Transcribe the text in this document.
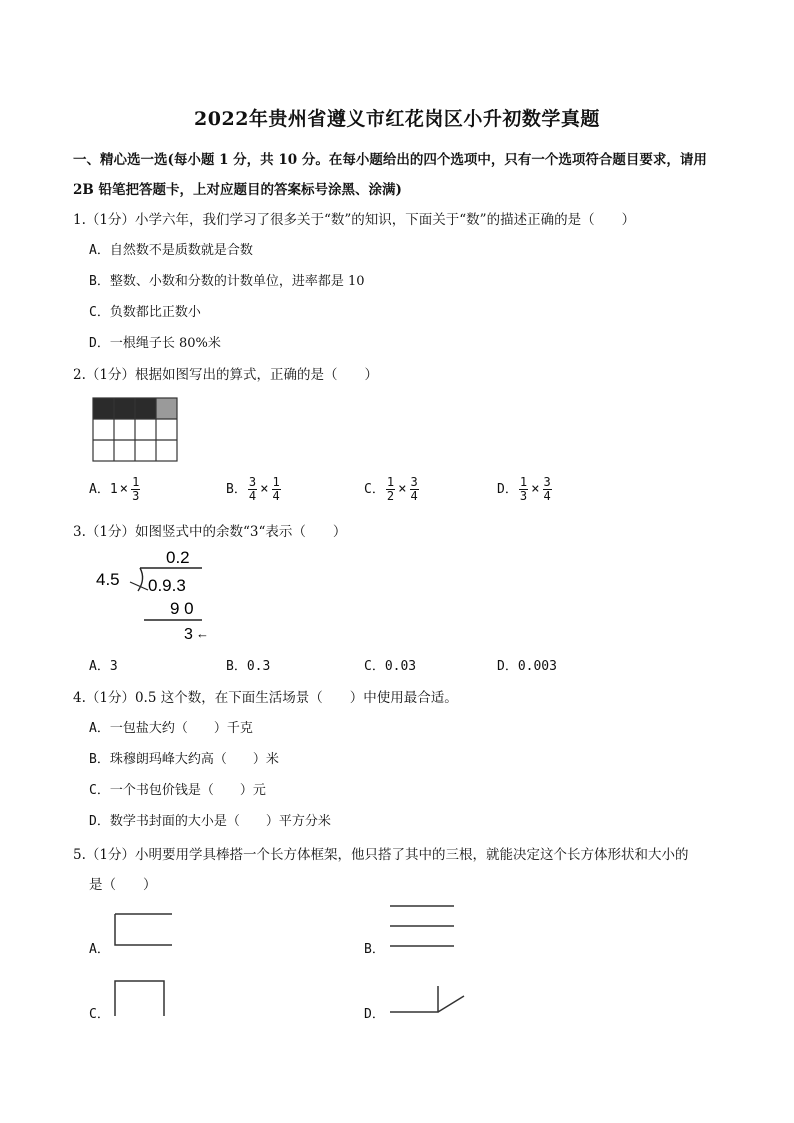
2022年贵州省遵义市红花岗区小升初数学真题
一、精心选一选(每小题 1 分，共 10 分。在每小题给出的四个选项中，只有一个选项符合题目要求，请用
2B 铅笔把答题卡，上对应题目的答案标号涂黑、涂满)
1.（1分）小学六年，我们学习了很多关于“数”的知识，下面关于“数”的描述正确的是（　　）
A．自然数不是质数就是合数
B．整数、小数和分数的计数单位，进率都是 10
C．负数都比正数小
D．一根绳子长 80%米
2.（1分）根据如图写出的算式，正确的是（　　）
A．$1 \times \frac{1}{3}$	B． $\frac{3}{4} \times \frac{1}{4}$	C． $\frac{1}{2} \times \frac{3}{4}$	D． $\frac{1}{3} \times \frac{3}{4}$
3.（1分）如图竖式中的余数“3“表示（　　）
0.2
4.5 0.9.3
9 0
3 ←
A．3	B．0.3	C．0.03	D．0.003
4.（1分）0.5 这个数，在下面生活场景（　　）中使用最合适。
A．一包盐大约（　　）千克
B．珠穆朗玛峰大约高（　　）米
C．一个书包价钱是（　　）元
D．数学书封面的大小是（　　）平方分米
5.（1分）小明要用学具棒搭一个长方体框架，他只搭了其中的三根，就能决定这个长方体形状和大小的
是（　　）
A．	B．
C．	D．
